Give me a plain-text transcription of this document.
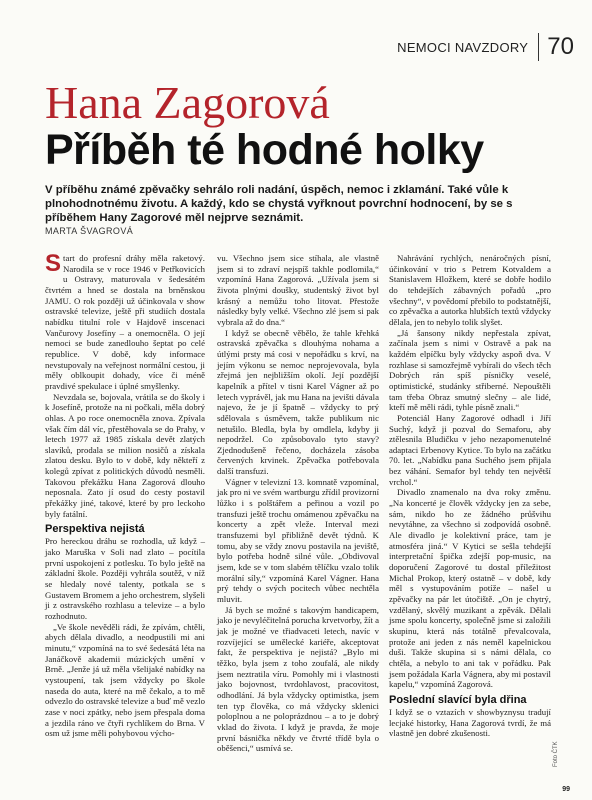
NEMOCI NAVZDORY 70
Hana Zagorová
Příběh té hodné holky

V příběhu známé zpěvačky sehrálo roli nadání, úspěch, nemoc i zklamání. Také vůle k plnohodnotnému životu. A každý, kdo se chystá vyřknout povrchní hodnocení, by se s příběhem Hany Zagorové měl nejprve seznámit.

MARTA ŠVAGROVÁ

Start do profesní dráhy měla raketový. Narodila se v roce 1946 v Petřkovicích u Ostravy, maturovala v šedesátém čtvrtém a hned se dostala na brněnskou JAMU. O rok později už účinkovala v show ostravské televize, ještě při studiích dostala nabídku titulní role v Hajdově inscenaci Vančurovy Josefíny – a onemocněla. O její nemoci se bude zanedlouho šeptat po celé republice. V době, kdy informace nevstupovaly na veřejnost normální cestou, ji měly oblkoupit dohady, více či méně pravdivé spekulace i úplné smyšlenky.

Nevzdala se, bojovala, vrátila se do školy i k Josefíně, protože na ni počkali, měla dobrý ohlas. A po roce onemocněla znova. Zpívala však čím dál víc, přestěhovala se do Prahy, v letech 1977 až 1985 získala devět zlatých slavíků, prodala se milion nosičů a získala zlatou desku. Bylo to v době, kdy někteří z kolegů zpívat z politických důvodů nesměli. Takovou překážku Hana Zagorová dlouho neposnala. Zato jí osud do cesty postavil překážky jiné, takové, které by pro leckoho byly fatální.

Perspektiva nejistá

Pro hereckou dráhu se rozhodla, už když – jako Maruška v Soli nad zlato – pocítila první uspokojení z potlesku. To bylo ještě na základní škole. Později vyhrála soutěž, v níž se hledaly nové talenty, potkala se s Gustavem Bromem a jeho orchestrem, slyšeli ji z ostravského rozhlasu a televize – a bylo rozhodnuto.

„Ve škole nevěděli rádi, že zpívám, chtěli, abych dělala divadlo, a neodpustili mi ani minutu,“ vzpomíná na to své šedesátá léta na Janáčkově akademii múzických umění v Brně. „Jenže já už měla všelijaké nabídky na vystoupení, tak jsem vždycky po škole naseda do auta, které na mě čekalo, a to mě odvezlo do ostravské televize a buď mě vezlo zase v noci zpátky, nebo jsem přespala doma a jezdila ráno ve čtyři rychlíkem do Brna. V osm už jsme měli pohybovou výcho-

vu. Všechno jsem sice stíhala, ale vlastně jsem si to zdraví nejspíš takhle podlomila,“ vzpomíná Hana Zagorová. „Užívala jsem si života plnými doušky, studentský život byl krásný a nemůžu toho litovat. Přestože následky byly velké. Všechno zlé jsem si pak vybrala až do dna.“

I když se obecně věbělo, že tahle křehká ostravská zpěvačka s dlouhýma nohama a útlými prsty má cosi v nepořádku s krví, na jejím výkonu se nemoc neprojevovala, byla zřejmá jen nejbližším okolí. Její pozdější kapelník a přítel v tisni Karel Vágner až po letech vyprávěl, jak mu Hana na jevišti dávala najevo, že je jí špatně – vždycky to prý sdělovala s úsměvem, takže publikum nic netušilo. Bledla, byla by omdlela, kdyby ji nepodržel. Co způsobovalo tyto stavy? Zjednodušeně řečeno, docházela zásoba červených krvinek. Zpěvačka potřebovala další transfuzi.

Vágner v televizní 13. komnatě vzpomínal, jak pro ni ve svém wartburgu zřídil provizorní lůžko i s polštářem a peřinou a vozil po transfuzi ještě trochu omámenou zpěvačku na koncerty a zpět vleže. Interval mezi transfuzemi byl přibližně devět týdnů. K tomu, aby se vždy znovu postavila na jeviště, bylo potřeba hodně silné vůle. „Obdivoval jsem, kde se v tom slabém tělíčku vzalo tolik morální síly,“ vzpomíná Karel Vágner. Hana prý tehdy o svých pocitech vůbec nechtěla mluvit.

Já bych se možné s takovým handicapem, jako je nevyléčitelná porucha krvetvorby, žít a jak je možné ve třiadvaceti letech, navíc v rozvíjející se umělecké kariéře, akceptovat fakt, že perspektiva je nejistá? „Bylo mi těžko, byla jsem z toho zoufalá, ale nikdy jsem neztratila víru. Pomohly mi i vlastnosti jako bojovnost, tvrdohlavost, pracovitost, odhodlání. Já byla vždycky optimistka, jsem ten typ člověka, co má vždycky sklenici poloplnou a ne poloprázdnou – a to je dobrý vklad do života. I když je pravda, že moje první básnička někdy ve čtvrté třídě byla o oběšenci,“ usmívá se.

Nahrávání rychlých, nenáročných písní, účinkování v trio s Petrem Kotvaldem a Stanislavem Hložkem, které se dobře hodilo do tehdejších zábavných pořadů „pro všechny“, v povědomí přebilo to podstatnější, co zpěvačka a autorka hlubších textů vždycky dělala, jen to nebylo tolik slyšet.

„Já šansony nikdy nepřestala zpívat, začínala jsem s nimi v Ostravě a pak na každém elpíčku byly vždycky aspoň dva. V rozhlase si samozřejmě vybírali do všech těch Dobrých rán spíš písničky veselé, optimistické, studánky střiberné. Nepouštěli tam třeba Obraz smutný slečny – ale lidé, kteří mě měli rádi, tyhle písně znali.“

Potenciál Hany Zagorové odhadl i Jiří Suchý, když ji pozval do Semaforu, aby ztělesnila Bludičku v jeho nezapomenutelné adaptaci Erbenovy Kytice. To bylo na začátku 70. let. „Nabídku pana Suchého jsem přijala bez váhání. Semafor byl tehdy ten největší vrchol.“

Divadlo znamenalo na dva roky změnu. „Na koncerté je člověk vždycky jen za sebe, sám, nikdo ho ze žádného průšvihu nevytáhne, za všechno si zodpovídá osobně. Ale divadlo je kolektivní práce, tam je atmosféra jiná.“ V Kytici se sešla tehdejší interpretační špička zdejší pop-music, na doporučení Zagorové tu dostal příležitost Michal Prokop, který ostatně – v době, kdy měl s vystupováním potíže – našel u zpěvačky na pár let útočiště. „On je chytrý, vzdělaný, skvělý muzikant a zpěvák. Dělali jsme spolu koncerty, společně jsme si založili skupinu, která nás totálně převalcovala, protože ani jeden z nás neměl kapelnickou duši. Takže skupina si s námi dělala, co chtěla, a nebylo to ani tak v pořádku. Pak jsem požádala Karla Vágnera, aby mi postavil kapelu,“ vzpomíná Zagorová.

Poslední slavící byla dřina

I když se o vztazích v showbyznysu tradují lecjaké historky, Hana Zagorová tvrdí, že má vlastně jen dobré zkušenosti.

Foto ČTK
99
